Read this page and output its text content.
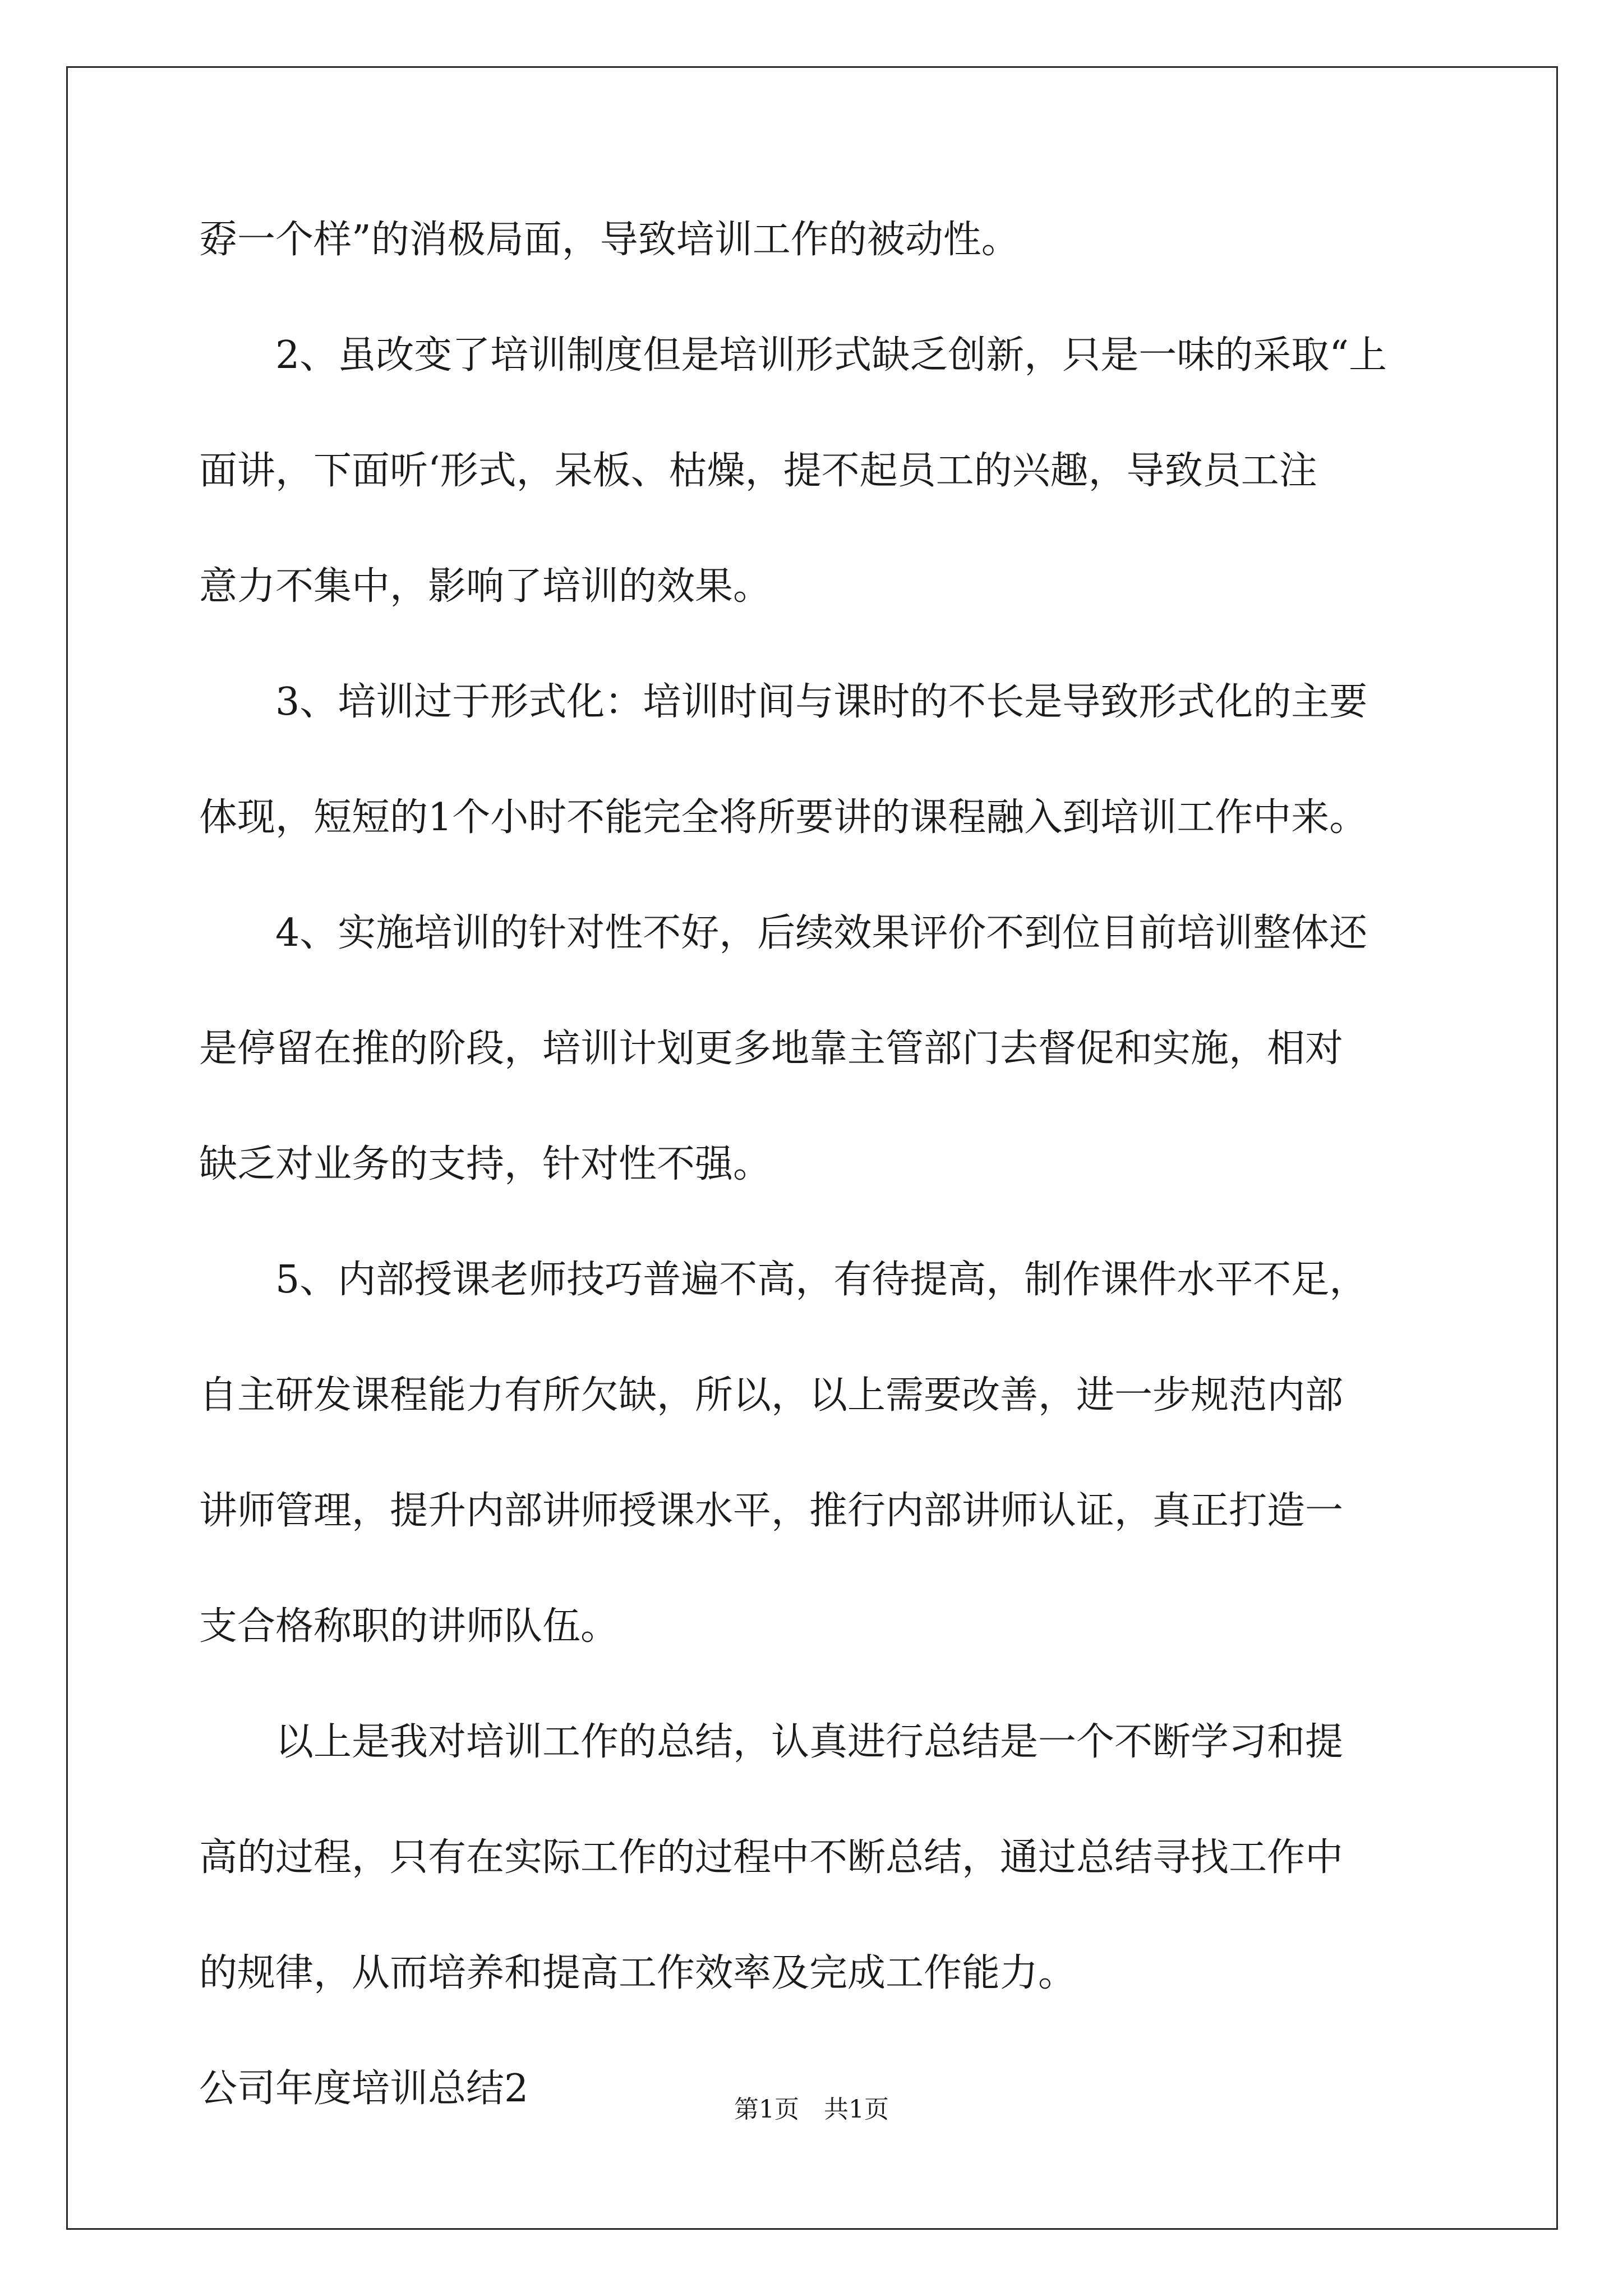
孬一个样”的消极局面，导致培训工作的被动性。
　　2、虽改变了培训制度但是培训形式缺乏创新，只是一味的采取“上
面讲，下面听‘形式，呆板、枯燥，提不起员工的兴趣，导致员工注
意力不集中，影响了培训的效果。
　　3、培训过于形式化：培训时间与课时的不长是导致形式化的主要
体现，短短的1个小时不能完全将所要讲的课程融入到培训工作中来。
　　4、实施培训的针对性不好，后续效果评价不到位目前培训整体还
是停留在推的阶段，培训计划更多地靠主管部门去督促和实施，相对
缺乏对业务的支持，针对性不强。
　　5、内部授课老师技巧普遍不高，有待提高，制作课件水平不足，
自主研发课程能力有所欠缺，所以，以上需要改善，进一步规范内部
讲师管理，提升内部讲师授课水平，推行内部讲师认证，真正打造一
支合格称职的讲师队伍。
　　以上是我对培训工作的总结，认真进行总结是一个不断学习和提
高的过程，只有在实际工作的过程中不断总结，通过总结寻找工作中
的规律，从而培养和提高工作效率及完成工作能力。
公司年度培训总结2	第1页　共1页
